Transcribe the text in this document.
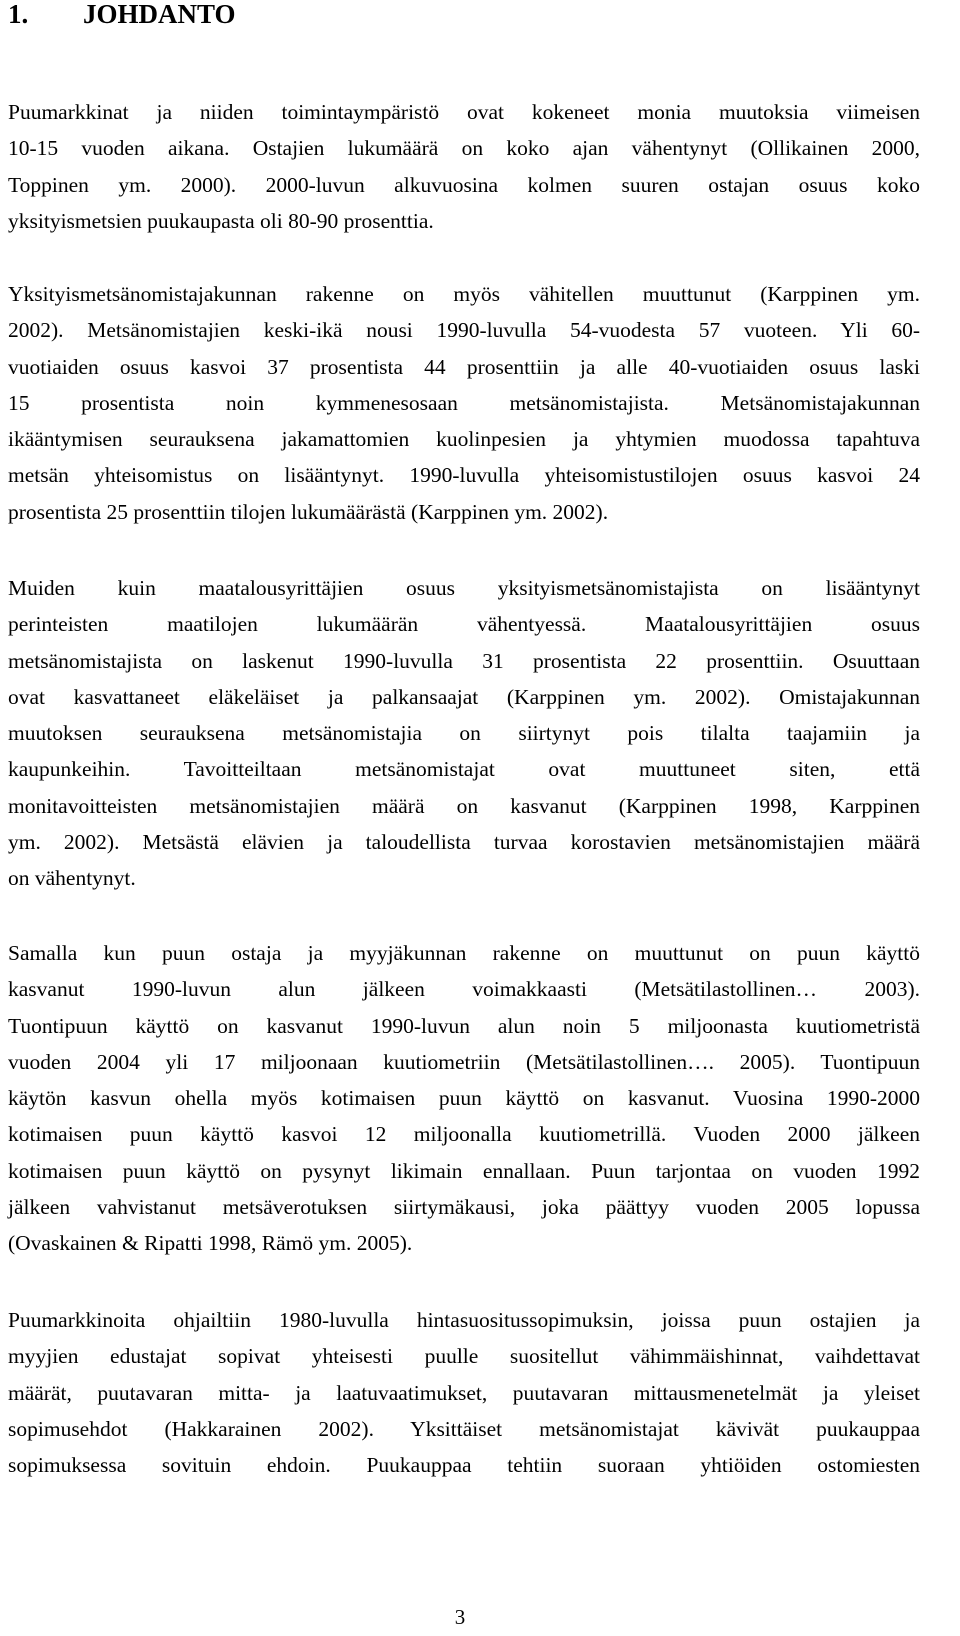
1. JOHDANTO

Puumarkkinat ja niiden toimintaympäristö ovat kokeneet monia muutoksia viimeisen
10-15 vuoden aikana. Ostajien lukumäärä on koko ajan vähentynyt (Ollikainen 2000,
Toppinen ym. 2000). 2000-luvun alkuvuosina kolmen suuren ostajan osuus koko
yksityismetsien puukaupasta oli 80-90 prosenttia.

Yksityismetsänomistajakunnan rakenne on myös vähitellen muuttunut (Karppinen ym.
2002). Metsänomistajien keski-ikä nousi 1990-luvulla 54-vuodesta 57 vuoteen. Yli 60-
vuotiaiden osuus kasvoi 37 prosentista 44 prosenttiin ja alle 40-vuotiaiden osuus laski
15 prosentista noin kymmenesosaan metsänomistajista. Metsänomistajakunnan
ikääntymisen seurauksena jakamattomien kuolinpesien ja yhtymien muodossa tapahtuva
metsän yhteisomistus on lisääntynyt. 1990-luvulla yhteisomistustilojen osuus kasvoi 24
prosentista 25 prosenttiin tilojen lukumäärästä (Karppinen ym. 2002).

Muiden kuin maatalousyrittäjien osuus yksityismetsänomistajista on lisääntynyt
perinteisten maatilojen lukumäärän vähentyessä. Maatalousyrittäjien osuus
metsänomistajista on laskenut 1990-luvulla 31 prosentista 22 prosenttiin. Osuuttaan
ovat kasvattaneet eläkeläiset ja palkansaajat (Karppinen ym. 2002). Omistajakunnan
muutoksen seurauksena metsänomistajia on siirtynyt pois tilalta taajamiin ja
kaupunkeihin. Tavoitteiltaan metsänomistajat ovat muuttuneet siten, että
monitavoitteisten metsänomistajien määrä on kasvanut (Karppinen 1998, Karppinen
ym. 2002). Metsästä elävien ja taloudellista turvaa korostavien metsänomistajien määrä
on vähentynyt.

Samalla kun puun ostaja ja myyjäkunnan rakenne on muuttunut on puun käyttö
kasvanut 1990-luvun alun jälkeen voimakkaasti (Metsätilastollinen… 2003).
Tuontipuun käyttö on kasvanut 1990-luvun alun noin 5 miljoonasta kuutiometristä
vuoden 2004 yli 17 miljoonaan kuutiometriin (Metsätilastollinen…. 2005). Tuontipuun
käytön kasvun ohella myös kotimaisen puun käyttö on kasvanut. Vuosina 1990-2000
kotimaisen puun käyttö kasvoi 12 miljoonalla kuutiometrillä. Vuoden 2000 jälkeen
kotimaisen puun käyttö on pysynyt likimain ennallaan. Puun tarjontaa on vuoden 1992
jälkeen vahvistanut metsäverotuksen siirtymäkausi, joka päättyy vuoden 2005 lopussa
(Ovaskainen & Ripatti 1998, Rämö ym. 2005).

Puumarkkinoita ohjailtiin 1980-luvulla hintasuositussopimuksin, joissa puun ostajien ja
myyjien edustajat sopivat yhteisesti puulle suositellut vähimmäishinnat, vaihdettavat
määrät, puutavaran mitta- ja laatuvaatimukset, puutavaran mittausmenetelmät ja yleiset
sopimusehdot (Hakkarainen 2002). Yksittäiset metsänomistajat kävivät puukauppaa
sopimuksessa sovituin ehdoin. Puukauppaa tehtiin suoraan yhtiöiden ostomiesten

3
